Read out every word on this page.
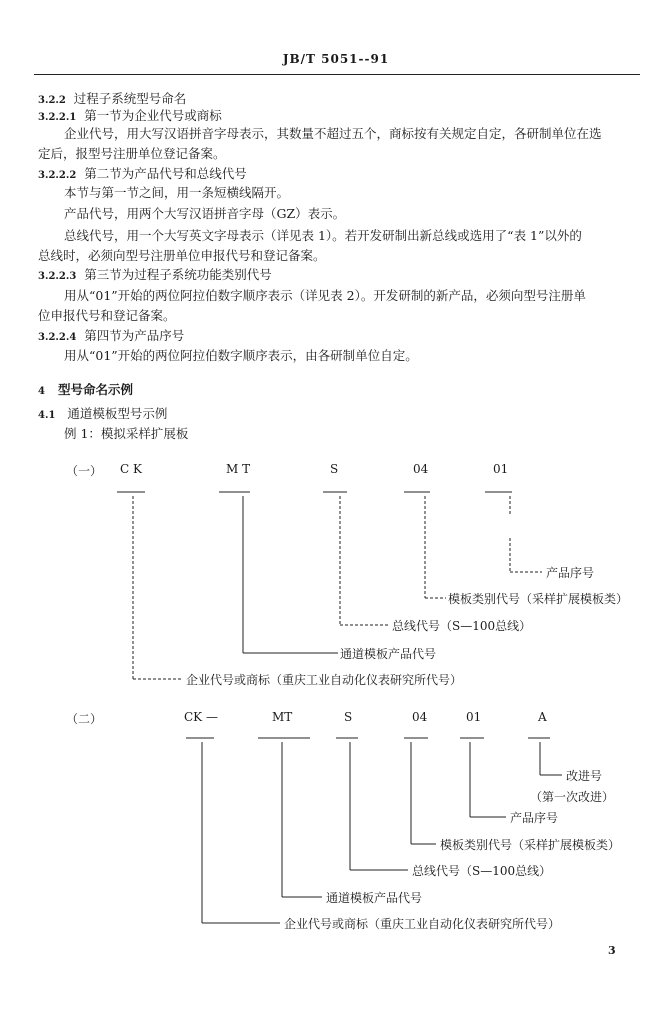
JB/T 5051--91
3.2.2 过程子系统型号命名
3.2.2.1 第一节为企业代号或商标
企业代号，用大写汉语拼音字母表示，其数量不超过五个，商标按有关规定自定，各研制单位在选
定后，报型号注册单位登记备案。
3.2.2.2 第二节为产品代号和总线代号
本节与第一节之间，用一条短横线隔开。
产品代号，用两个大写汉语拼音字母（GZ）表示。
总线代号，用一个大写英文字母表示（详见表 1）。若开发研制出新总线或选用了“表 1”以外的
总线时，必须向型号注册单位申报代号和登记备案。
3.2.2.3 第三节为过程子系统功能类别代号
用从“01”开始的两位阿拉伯数字顺序表示（详见表 2）。开发研制的新产品，必须向型号注册单
位申报代号和登记备案。
3.2.2.4 第四节为产品序号
用从“01”开始的两位阿拉伯数字顺序表示，由各研制单位自定。
4 型号命名示例
4.1 通道模板型号示例
例 1：模拟采样扩展板
（一） C K	M T	S	04	01
产品序号
模板类别代号（采样扩展模板类）
总线代号（S—100总线）
通道模板产品代号
企业代号或商标（重庆工业自动化仪表研究所代号）
（二）	CK —	MT	S	04	01	A
改进号
（第一次改进）
产品序号
模板类别代号（采样扩展模板类）
总线代号（S—100总线）
通道模板产品代号
企业代号或商标（重庆工业自动化仪表研究所代号）
3
